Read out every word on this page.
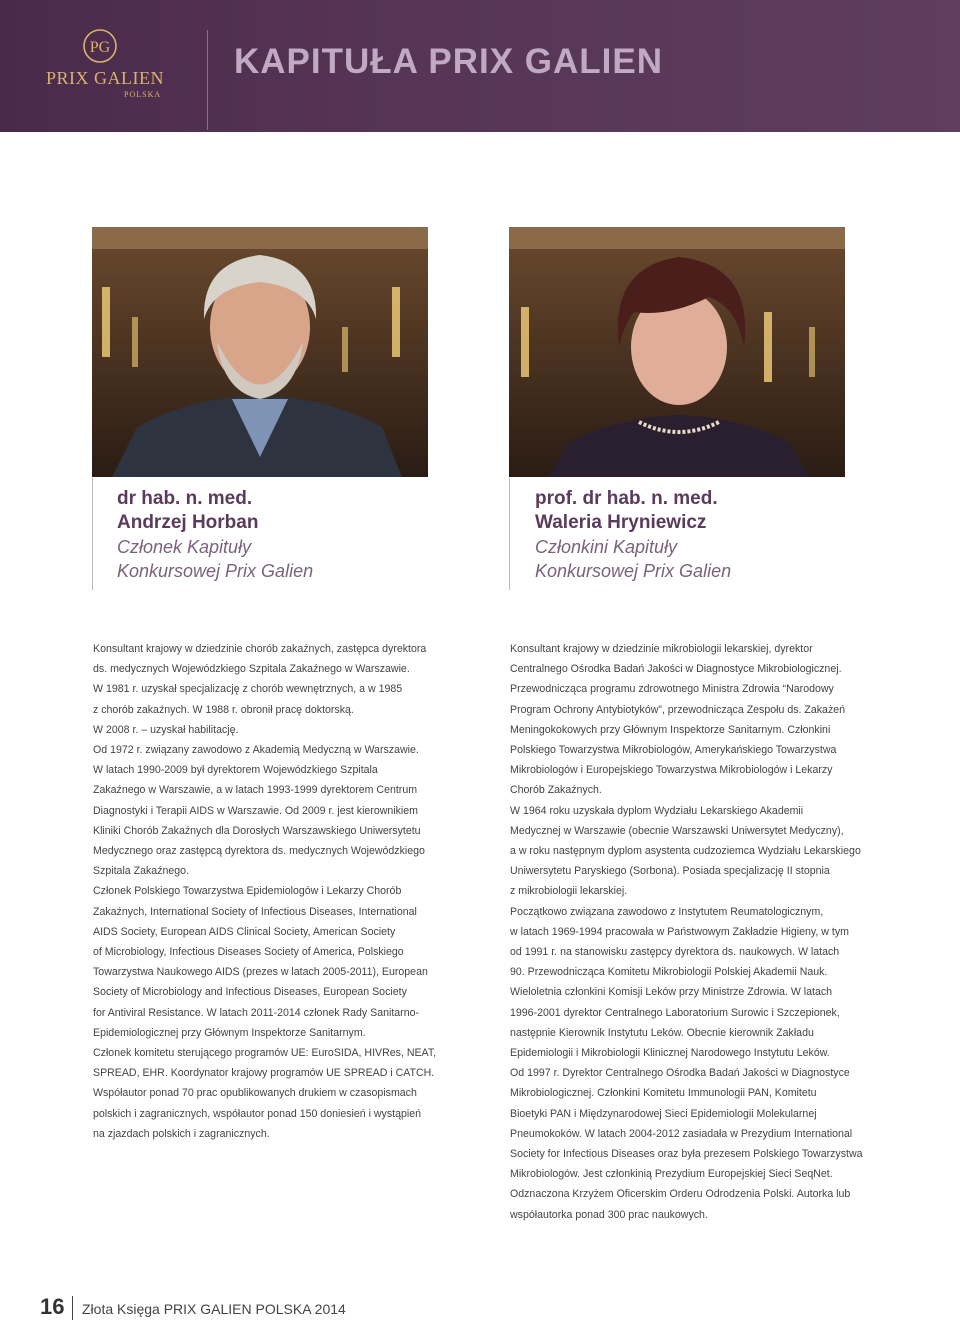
PG
PRIX GALIEN
POLSKA
KAPITUŁA PRIX GALIEN
dr hab. n. med.
Andrzej Horban
Członek Kapituły
Konkursowej Prix Galien
prof. dr hab. n. med.
Waleria Hryniewicz
Członkini Kapituły
Konkursowej Prix Galien

Konsultant krajowy w dziedzinie chorób zakaźnych, zastępca dyrektora

ds. medycznych Wojewódzkiego Szpitala Zakaźnego w Warszawie.

W 1981 r. uzyskał specjalizację z chorób wewnętrznych, a w 1985

z chorób zakaźnych. W 1988 r. obronił pracę doktorską.

W 2008 r. – uzyskał habilitację.

Od 1972 r. związany zawodowo z Akademią Medyczną w Warszawie.

W latach 1990-2009 był dyrektorem Wojewódzkiego Szpitala

Zakaźnego w Warszawie, a w latach 1993-1999 dyrektorem Centrum

Diagnostyki i Terapii AIDS w Warszawie. Od 2009 r. jest kierownikiem

Kliniki Chorób Zakaźnych dla Dorosłych Warszawskiego Uniwersytetu

Medycznego oraz zastępcą dyrektora ds. medycznych Wojewódzkiego

Szpitala Zakaźnego.

Członek Polskiego Towarzystwa Epidemiologów i Lekarzy Chorób

Zakaźnych, International Society of Infectious Diseases, International

AIDS Society, European AIDS Clinical Society, American Society

of Microbiology, Infectious Diseases Society of America, Polskiego

Towarzystwa Naukowego AIDS (prezes w latach 2005-2011), European

Society of Microbiology and Infectious Diseases, European Society

for Antiviral Resistance. W latach 2011-2014 członek Rady Sanitarno-

Epidemiologicznej przy Głównym Inspektorze Sanitarnym.

Członek komitetu sterującego programów UE: EuroSIDA, HIVRes, NEAT,

SPREAD, EHR. Koordynator krajowy programów UE SPREAD i CATCH.

Współautor ponad 70 prac opublikowanych drukiem w czasopismach

polskich i zagranicznych, współautor ponad 150 doniesień i wystąpień

na zjazdach polskich i zagranicznych.

Konsultant krajowy w dziedzinie mikrobiologii lekarskiej, dyrektor

Centralnego Ośrodka Badań Jakości w Diagnostyce Mikrobiologicznej.

Przewodnicząca programu zdrowotnego Ministra Zdrowia “Narodowy

Program Ochrony Antybiotyków”, przewodnicząca Zespołu ds. Zakażeń

Meningokokowych przy Głównym Inspektorze Sanitarnym. Członkini

Polskiego Towarzystwa Mikrobiologów, Amerykańskiego Towarzystwa

Mikrobiologów i Europejskiego Towarzystwa Mikrobiologów i Lekarzy

Chorób Zakaźnych.

W 1964 roku uzyskała dyplom Wydziału Lekarskiego Akademii

Medycznej w Warszawie (obecnie Warszawski Uniwersytet Medyczny),

a w roku następnym dyplom asystenta cudzoziemca Wydziału Lekarskiego

Uniwersytetu Paryskiego (Sorbona). Posiada specjalizację II stopnia

z mikrobiologii lekarskiej.

Początkowo związana zawodowo z Instytutem Reumatologicznym,

w latach 1969-1994 pracowała w Państwowym Zakładzie Higieny, w tym

od 1991 r. na stanowisku zastępcy dyrektora ds. naukowych. W latach

90. Przewodnicząca Komitetu Mikrobiologii Polskiej Akademii Nauk.

Wieloletnia członkini Komisji Leków przy Ministrze Zdrowia. W latach

1996-2001 dyrektor Centralnego Laboratorium Surowic i Szczepionek,

następnie Kierownik Instytutu Leków. Obecnie kierownik Zakładu

Epidemiologii i Mikrobiologii Klinicznej Narodowego Instytutu Leków.

Od 1997 r. Dyrektor Centralnego Ośrodka Badań Jakości w Diagnostyce

Mikrobiologicznej. Członkini Komitetu Immunologii PAN, Komitetu

Bioetyki PAN i Międzynarodowej Sieci Epidemiologii Molekularnej

Pneumokoków. W latach 2004-2012 zasiadała w Prezydium International

Society for Infectious Diseases oraz była prezesem Polskiego Towarzystwa

Mikrobiologów. Jest członkinią Prezydium Europejskiej Sieci SeqNet.

Odznaczona Krzyżem Oficerskim Orderu Odrodzenia Polski. Autorka lub

współautorka ponad 300 prac naukowych.

16 Złota Księga PRIX GALIEN POLSKA 2014
